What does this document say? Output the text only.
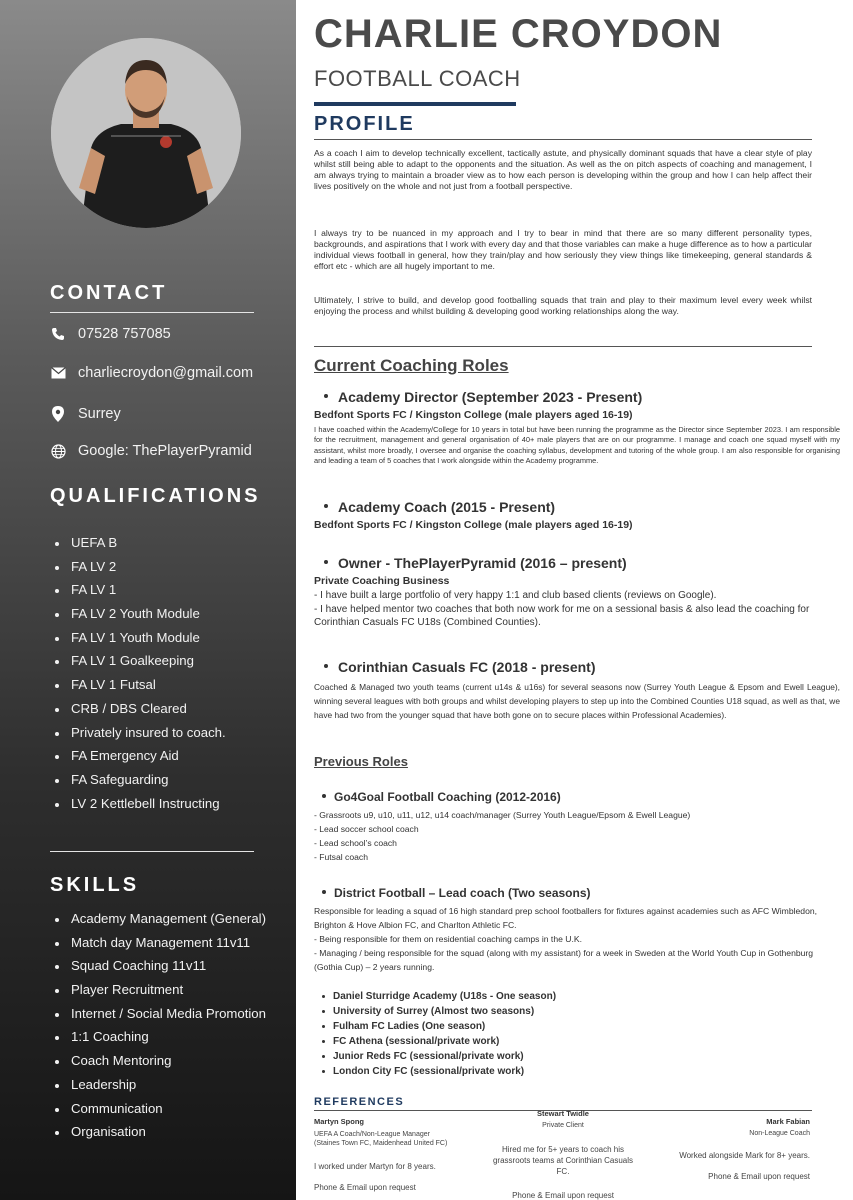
CONTACT
07528 757085
charliecroydon@gmail.com
Surrey
Google: ThePlayerPyramid
QUALIFICATIONS
UEFA B
FA LV 2
FA LV 1
FA LV 2 Youth Module
FA LV 1 Youth Module
FA LV 1 Goalkeeping
FA LV 1 Futsal
CRB / DBS Cleared
Privately insured to coach.
FA Emergency Aid
FA Safeguarding
LV 2 Kettlebell Instructing
SKILLS
Academy Management (General)
Match day Management 11v11
Squad Coaching 11v11
Player Recruitment
Internet / Social Media Promotion
1:1 Coaching
Coach Mentoring
Leadership
Communication
Organisation
CHARLIE CROYDON
FOOTBALL COACH
PROFILE

As a coach I aim to develop technically excellent, tactically astute, and physically dominant squads that have a clear style of play whilst still being able to adapt to the opponents and the situation. As well as the on pitch aspects of coaching and management, I am always trying to maintain a broader view as to how each person is developing within the group and how I can help affect their lives positively on the whole and not just from a football perspective.

I always try to be nuanced in my approach and I try to bear in mind that there are so many different personality types, backgrounds, and aspirations that I work with every day and that those variables can make a huge difference as to how a particular individual views football in general, how they train/play and how seriously they view things like timekeeping, general standards & effort etc - which are all hugely important to me.

Ultimately, I strive to build, and develop good footballing squads that train and play to their maximum level every week whilst enjoying the process and whilst building & developing good working relationships along the way.

Current Coaching Roles
Academy Director (September 2023 - Present)
Bedfont Sports FC / Kingston College (male players aged 16-19)

I have coached within the Academy/College for 10 years in total but have been running the programme as the Director since September 2023. I am responsible for the recruitment, management and general organisation of 40+ male players that are on our programme. I manage and coach one squad myself with my assistant, whilst more broadly, I oversee and organise the coaching syllabus, development and tutoring of the whole group. I am also responsible for organising and leading a team of 5 coaches that I work alongside within the Academy programme.

Academy Coach (2015 - Present)
Bedfont Sports FC / Kingston College (male players aged 16-19)
Owner - ThePlayerPyramid (2016 – present)
Private Coaching Business

- I have built a large portfolio of very happy 1:1 and club based clients (reviews on Google).
- I have helped mentor two coaches that both now work for me on a sessional basis & also lead the coaching for Corinthian Casuals FC U18s (Combined Counties).

Corinthian Casuals FC (2018 - present)

Coached & Managed two youth teams (current u14s & u16s) for several seasons now (Surrey Youth League & Epsom and Ewell League), winning several leagues with both groups and whilst developing players to step up into the Combined Counties U18 squad, as well as that, we have had two from the younger squad that have both gone on to secure places within Professional Academies).

Previous Roles
Go4Goal Football Coaching (2012-2016)

- Grassroots u9, u10, u11, u12, u14 coach/manager (Surrey Youth League/Epsom & Ewell League)
- Lead soccer school coach
- Lead school’s coach
- Futsal coach

District Football – Lead coach (Two seasons)

Responsible for leading a squad of 16 high standard prep school footballers for fixtures against academies such as AFC Wimbledon, Brighton & Hove Albion FC, and Charlton Athletic FC.
- Being responsible for them on residential coaching camps in the U.K.
- Managing / being responsible for the squad (along with my assistant) for a week in Sweden at the World Youth Cup in Gothenburg (Gothia Cup) – 2 years running.

Daniel Sturridge Academy (U18s - One season)
University of Surrey (Almost two seasons)
Fulham FC Ladies (One season)
FC Athena (sessional/private work)
Junior Reds FC (sessional/private work)
London City FC (sessional/private work)
REFERENCES
Martyn Spong
UEFA A Coach/Non-League Manager
(Staines Town FC, Maidenhead United FC)
I worked under Martyn for 8 years.
Phone & Email upon request
Stewart Twidle
Private Client
Hired me for 5+ years to coach his grassroots teams at Corinthian Casuals FC.
Phone & Email upon request
Mark Fabian
Non-League Coach
Worked alongside Mark for 8+ years.
Phone & Email upon request
